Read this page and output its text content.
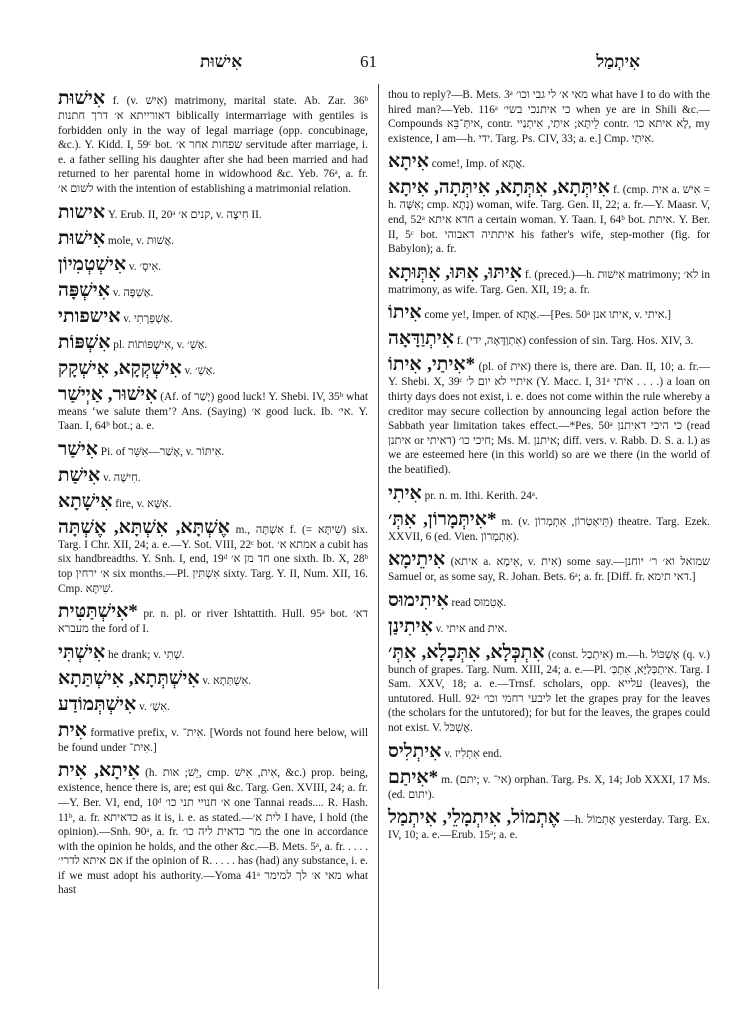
אִישׁוּת	61	אִיתְמַל

אִישׁוּת f. (v. אִישׁ) matrimony, marital state. Ab. Zar. 36ᵇ דאורייתא א׳ דרך חתנות biblically intermarriage with gentiles is forbidden only in the way of legal marriage (opp. concubinage, &c.). Y. Kidd. I, 59ᶜ bot. שפחות אחר א׳ servitude after marriage, i. e. a father selling his daughter after she had been married and had returned to her parental home in widowhood &c. Yeb. 76ᵃ, a. fr. לשום א׳ with the intention of establishing a matrimonial relation.

אישות Y. Erub. II, 20ᵃ קנים א׳, v. חִיצָה II.

אִישׁוּת mole, v. אֲשׁוּת.

אִישְׁטְמִיוֹן v. אִיסְ׳.

אִישְׁפָּה v. אַשְׁפָּה.

אישפותי v. אַשְׁפְּרָתִי.

אִשְׁפּוֹת pl. אִישְׁפּוֹתוֹת, v. אַשְׁ׳.

אִישְׁקְקָא, אִישְׁקָק v. אַשְׁ׳.

אִישׁוּר, אַיְישַׁר (Af. of יָשַׁר) good luck! Y. Shebi. IV, 35ᵇ what means ‘we salute them’? Ans. (Saying) א׳ good luck. Ib. אי׳. Y. Taan. I, 64ᵇ bot.; a. e.

אִישַׁר Pi. of אָשַׁר—אִשֵּׁר, v. אִיתּוֹר.

אִישַׁת v. חִישָׁה.

אִישָׁתָא fire, v. אִשָּׁא.

אֶשְׁתָּא, אִשְׁתָּא, אֶשְׁתָּה m., אִשְׁתָּה f. (= שִׁיתָּא) six. Targ. I Chr. XII, 24; a. e.—Y. Sot. VIII, 22ᶜ bot. אמתא א׳ a cubit has six handbreadths. Y. Snh. I, end, 19ᵈ חד מן א׳ one sixth. Ib. X, 28ᵇ top א׳ ירחין six months.—Pl. אִשְׁתִּין sixty. Targ. Y. II, Num. XII, 16. Cmp. שִׁיתָּא.

*אִישְׁתַּטִּית pr. n. pl. or river Ishtattith. Hull. 95ᵃ bot. דא׳ מעברא the ford of I.

אִישְׁתִּי he drank; v. שְׁתִי.

אִישְׁתְּתָא, אִישְׁתַּתָא v. אִשְׁתְּתָא.

אִישְׁתְּמוֹדַע v. אִשְׁ׳.

אִית formative prefix, v. אִית־. [Words not found here below, will be found under אִית־.]

אִיתָא, אִית (h. יֵשׁ; אוּת, cmp. אִית, אִישׁ, &c.) prop. being, existence, hence there is, are; est qui &c. Targ. Gen. XVIII, 24; a. fr.—Y. Ber. VI, end, 10ᵈ א׳ חנויי תני כו׳ one Tannai reads.... R. Hash. 11ᵇ, a. fr. כדאיתא as it is, i. e. as stated.—לית א׳ I have, I hold (the opinion).—Snh. 90ᵃ, a. fr. מר כדאית ליה כו׳ the one in accordance with the opinion he holds, and the other &c.—B. Mets. 5ᵃ, a. fr. . . . . אם איתא לדרי׳ if the opinion of R. . . . . has (had) any substance, i. e. if we must adopt his authority.—Yoma 41ᵃ מאי א׳ לך למימר what hast

thou to reply?—B. Mets. 3ᵃ מאי א׳ לי גבי וכו׳ what have I to do with the hired man?—Yeb. 116ᵃ כי איתנכי בשי׳ when ye are in Shili &c.—Compounds איתְּ־בֵּא, contr. לֵיתָא; איתַי, אִיתְנַיי contr. לָא איתא כו׳, my existence, I am—h. ידי. Targ. Ps. CIV, 33; a. e.] Cmp. אִיתַי.

אִיתָא come!, Imp. of אֲתָא.

אִיתְּתָא, אִתְּתָא, אִיתְּתָה, אִיתָא f. (cmp. אית a. אִישׁ = h. אִשָּׁה; cmp. נְתָא) woman, wife. Targ. Gen. II, 22; a. fr.—Y. Maasr. V, end, 52ᵃ חדא איתא a certain woman. Y. Taan. I, 64ᵇ bot. איתת. Y. Ber. II, 5ᶜ bot. איתתיה דאבוהי his father's wife, step-mother (fig. for Babylon); a. fr.

אִיתּוּ, אִתּוּ, אִתְּוּתָא f. (preced.)—h. אִישׁוּת matrimony; לא׳ in matrimony, as wife. Targ. Gen. XII, 19; a. fr.

אִיתוֹ come ye!, Imper. of אֲתָא.—[Pes. 50ᵃ איתו אנן, v. איתי.]

אִיתְוַדָּאָה f. (אִתְוַדָּאָה, ידי) confession of sin. Targ. Hos. XIV, 3.

*אִיתַי, אִיתוֹ (pl. of אית) there is, there are. Dan. II, 10; a. fr.—Y. Shebi. X, 39ᶜ איתיי לא יום ל׳ (Y. Macc. I, 31ᵃ איתי . . . .) a loan on thirty days does not exist, i. e. does not come within the rule whereby a creditor may secure collection by announcing legal action before the Sabbath year limitation takes effect.—*Pes. 50ᵃ כי היכי דאיתנן (read איתנן or דאיתי) חיכי כו׳; Ms. M. איתנן; diff. vers. v. Rabb. D. S. a. l.) as we are esteemed here (in this world) so are we there (in the world of the beatified).

אִיתִי pr. n. m. Ithi. Kerith. 24ᵃ.

*אִיתְּמָרוֹן, אִתְּ׳ m. (v. תֵּיאַטְרוֹן, אִתְמְרוֹן) theatre. Targ. Ezek. XXVII, 6 (ed. Vien. אִתְמְרוֹן).

אִיתֵימָא (איתא a. אֵימָא, v. אִית) some say.—שמואל וא׳ ר׳ יוחנן Samuel or, as some say, R. Johan. Bets. 6ᵃ; a. fr. [Diff. fr. דאי תימא.]

אִיתִימוּס read אֶטִמוּס.

אִיתִינַן v. איתי and אית.

אִתְכְּלָא, אִתְּכָלָא, אִתְּ׳ (const. אִיתְכַל) m.—h. אֶשְׁכּוֹל (q. v.) bunch of grapes. Targ. Num. XIII, 24; a. e.—Pl. אִיתְכְּלַיָּא, אִתְכְּ׳. Targ. I Sam. XXV, 18; a. e.—Trnsf. scholars, opp. עלייא (leaves), the untutored. Hull. 92ᵃ ליבעי רחמי וכו׳ let the grapes pray for the leaves (the scholars for the untutored); for but for the leaves, the grapes could not exist. V. אֶשְׁכֹּל.

אִיתְלִיס v. אִתְלִיז end.

*אִיתַם m. (יתם; v. אי־) orphan. Targ. Ps. X, 14; Job XXXI, 17 Ms. (ed. יתום).

אֶתְמוֹל, אִיתְמָלֵי, אִיתְמַל —h. אֶתְמוֹל yesterday. Targ. Ex. IV, 10; a. e.—Erub. 15ᵃ; a. e.
